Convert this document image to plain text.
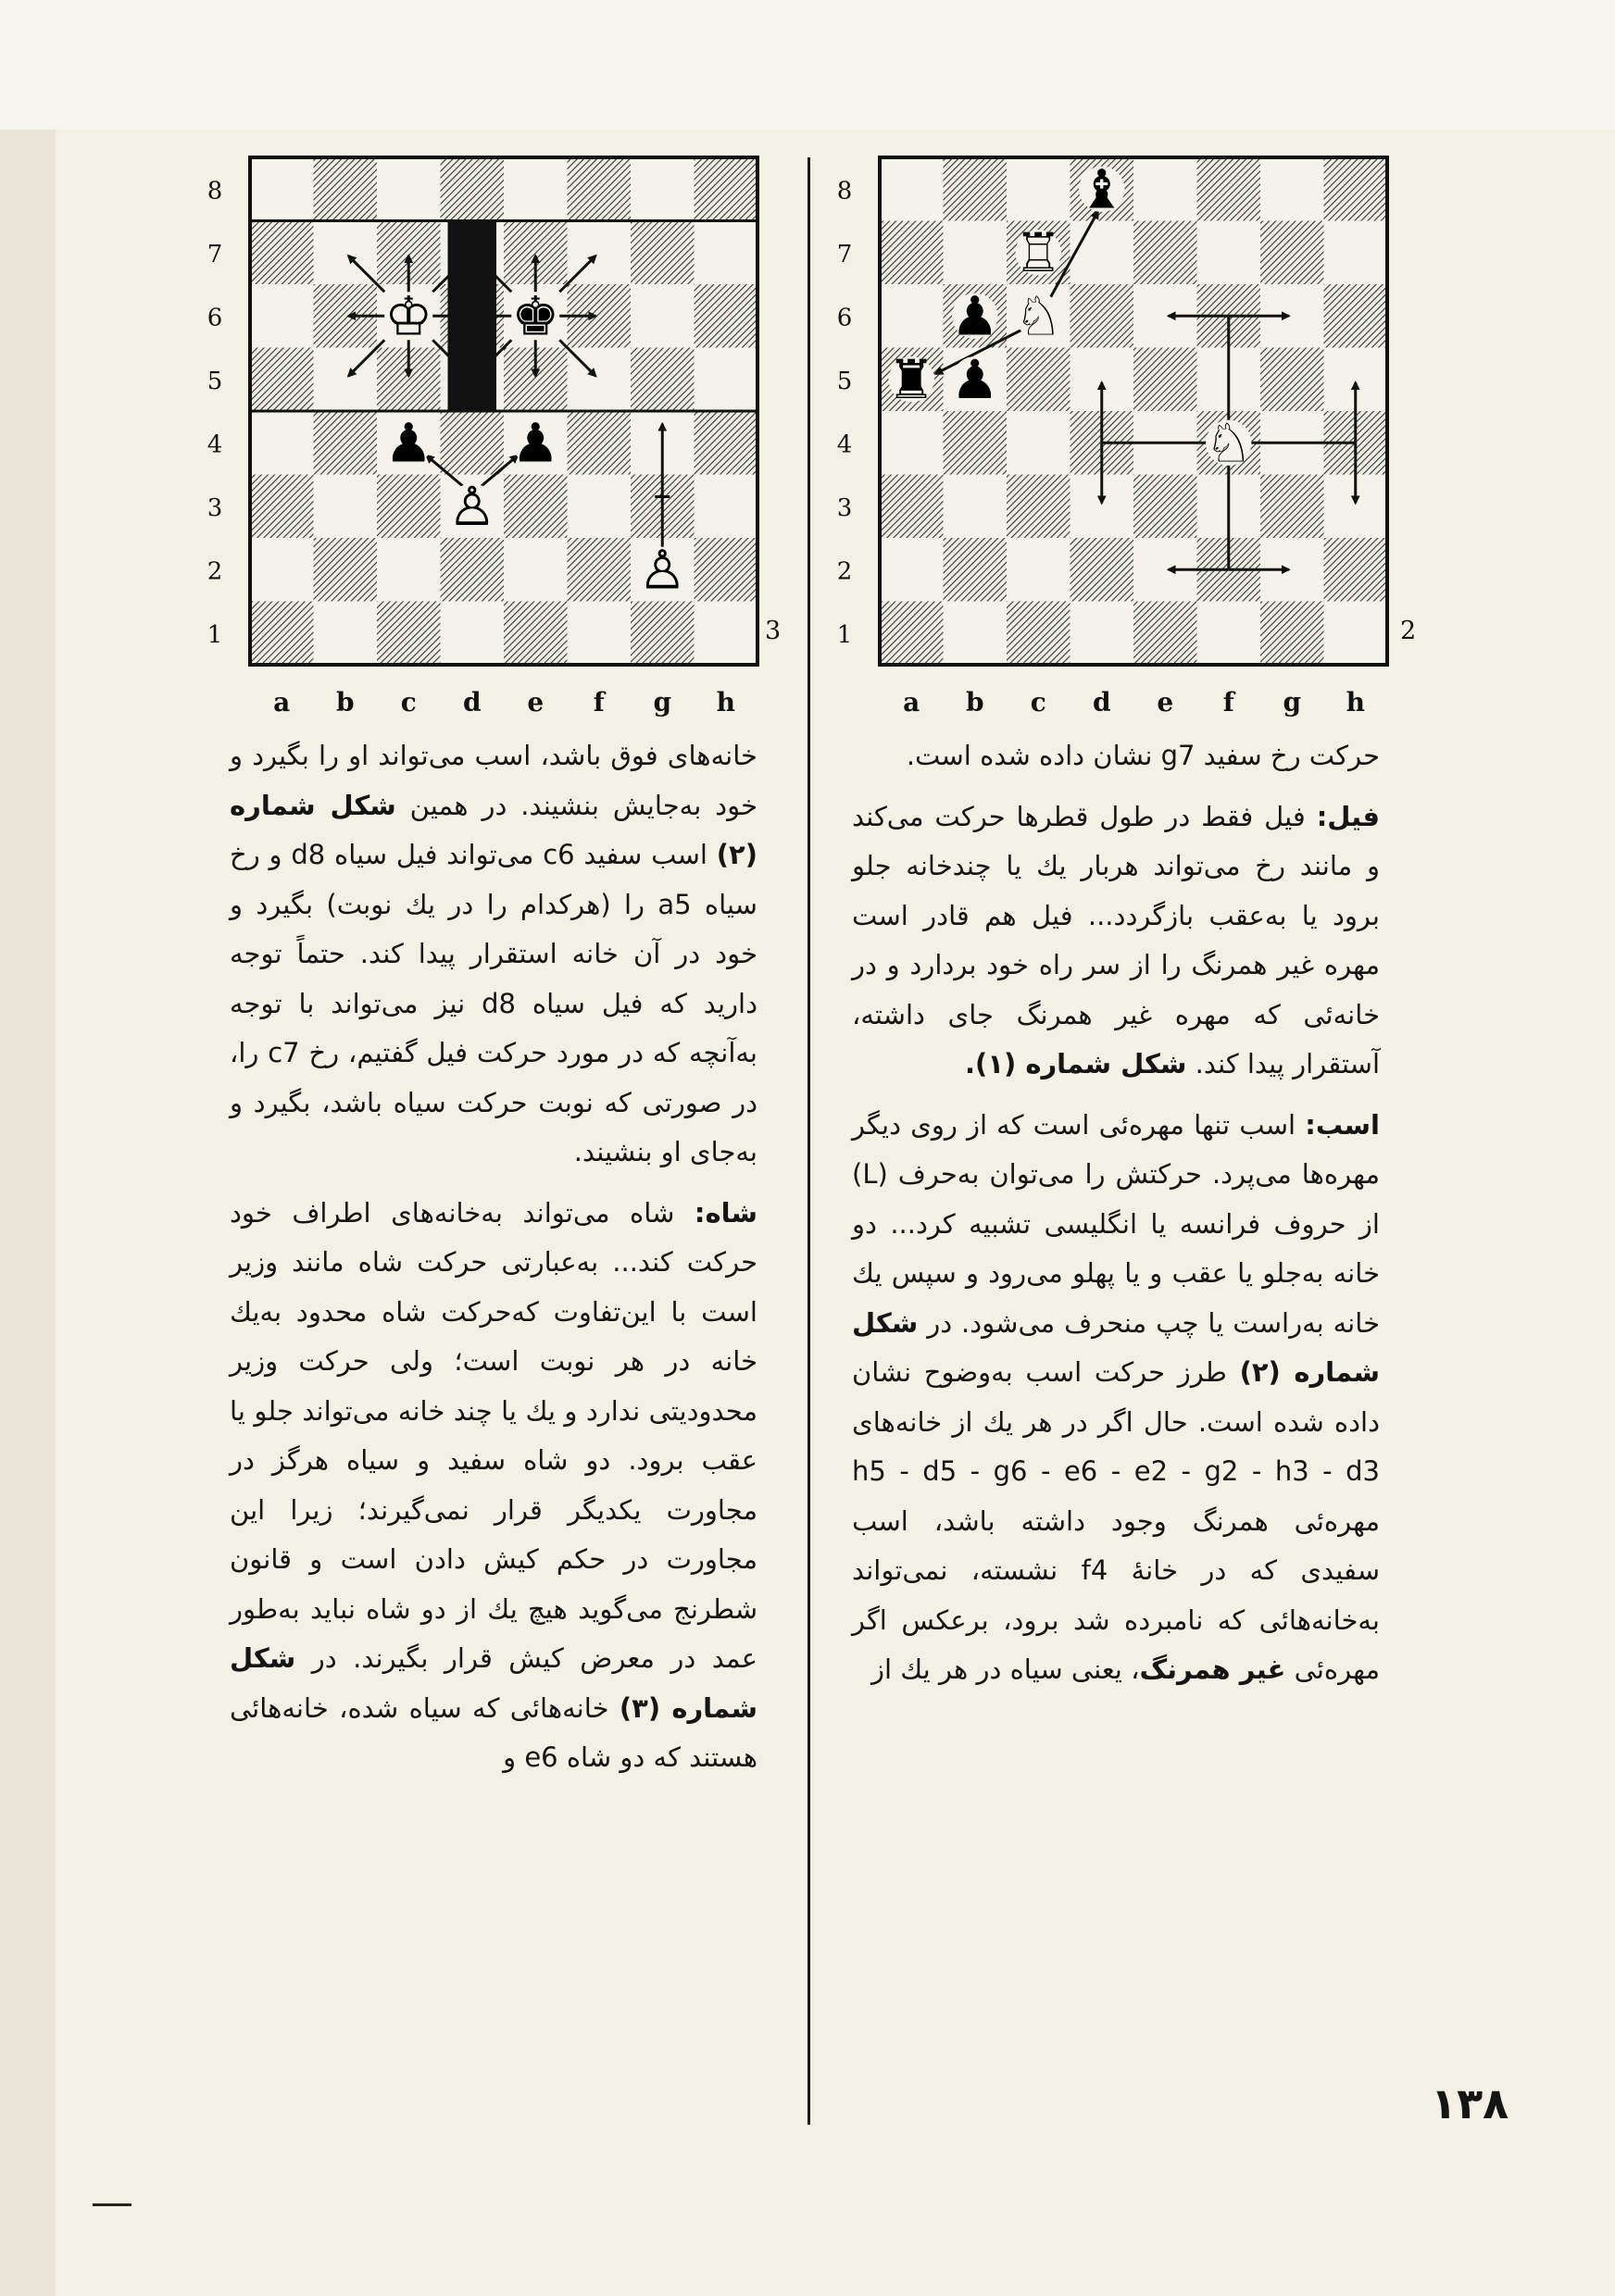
8
7
6
5
4
3
2
1
a b c d e f g h
♝
♖
♘
♟
♟
♜
♘
2
8
7
6
5
4
3
2
1
a b c d e f g h
♔ ♚
♟ ♟
♙
♙
3

حرکت رخ سفید g7 نشان داده شده است.

فیل: فیل فقط در طول قطرها حرکت می‌کند و مانند رخ می‌تواند هربار یك یا چندخانه جلو برود یا به‌عقب بازگردد... فیل هم قادر است مهره غیر همرنگ را از سر راه خود بردارد و در خانه‌ئی که مهره غیر همرنگ جای داشته، آستقرار پیدا کند. شکل شماره (۱).

اسب: اسب تنها مهره‌ئی است که از روی دیگر مهره‌ها می‌پرد. حرکتش را می‌توان به‌حرف (L) از حروف فرانسه یا انگلیسی تشبیه کرد... دو خانه به‌جلو یا عقب و یا پهلو می‌رود و سپس یك خانه به‌راست یا چپ منحرف می‌شود. در شکل شماره (۲) طرز حرکت اسب به‌وضوح نشان داده شده است. حال اگر در هر یك از خانه‌های h5 - d5 - g6 - e6 - e2 - g2 - h3 - d3 مهره‌ئی همرنگ وجود داشته باشد، اسب سفیدی که در خانهٔ f4 نشسته، نمی‌تواند به‌خانه‌هائی که نامبرده شد برود، برعکس اگر مهره‌ئی غیر همرنگ، یعنی سیاه در هر یك از

خانه‌های فوق باشد، اسب می‌تواند او را بگیرد و خود به‌جایش بنشیند. در همین شکل شماره (۲) اسب سفید c6 می‌تواند فیل سیاه d8 و رخ سیاه a5 را (هرکدام را در یك نوبت) بگیرد و خود در آن خانه استقرار پیدا کند. حتماً توجه دارید که فیل سیاه d8 نیز می‌تواند با توجه به‌آنچه که در مورد حرکت فیل گفتیم، رخ c7 را، در صورتی که نوبت حرکت سیاه باشد، بگیرد و به‌جای او بنشیند.

شاه: شاه می‌تواند به‌خانه‌های اطراف خود حرکت کند... به‌عبارتی حرکت شاه مانند وزیر است با این‌تفاوت که‌حرکت شاه محدود به‌یك خانه در هر نوبت است؛ ولی حرکت وزیر محدودیتی ندارد و یك یا چند خانه می‌تواند جلو یا عقب برود. دو شاه سفید و سیاه هرگز در مجاورت یکدیگر قرار نمی‌گیرند؛ زیرا این مجاورت در حکم کیش دادن است و قانون شطرنج می‌گوید هیچ یك از دو شاه نباید به‌طور عمد در معرض کیش قرار بگیرند. در شکل شماره (۳) خانه‌هائی که سیاه شده، خانه‌هائی هستند که دو شاه e6 و

۱۳۸
